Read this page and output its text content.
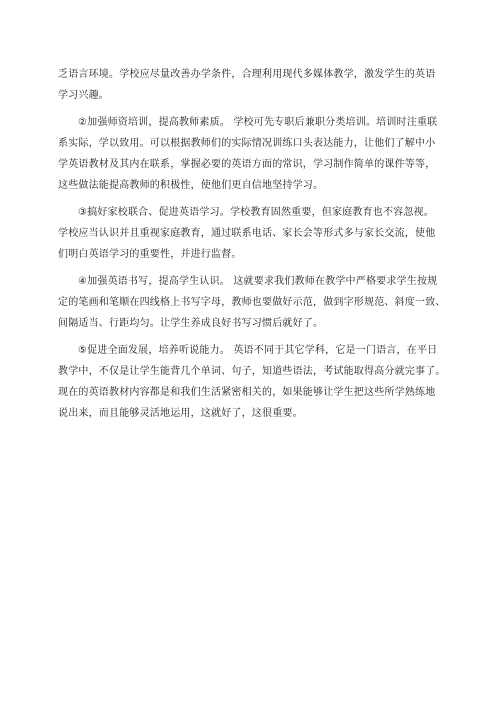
乏语言环境。学校应尽量改善办学条件，合理利用现代多媒体教学，激发学生的英语
学习兴趣。

②加强师资培训，提高教师素质。 学校可先专职后兼职分类培训。培训时注重联
系实际，学以致用。可以根据教师们的实际情况训练口头表达能力，让他们了解中小
学英语教材及其内在联系，掌握必要的英语方面的常识，学习制作简单的课件等等，
这些做法能提高教师的积极性，使他们更自信地坚持学习。

③搞好家校联合、促进英语学习。学校教育固然重要，但家庭教育也不容忽视。
学校应当认识并且重视家庭教育，通过联系电话、家长会等形式多与家长交流，使他
们明白英语学习的重要性，并进行监督。

④加强英语书写，提高学生认识。 这就要求我们教师在教学中严格要求学生按规
定的笔画和笔顺在四线格上书写字母，教师也要做好示范，做到字形规范、斜度一致、
间隔适当、行距均匀。让学生养成良好书写习惯后就好了。

⑤促进全面发展，培养听说能力。 英语不同于其它学科，它是一门语言，在平日
教学中，不仅是让学生能背几个单词、句子，知道些语法，考试能取得高分就完事了。
现在的英语教材内容都是和我们生活紧密相关的，如果能够让学生把这些所学熟练地
说出来，而且能够灵活地运用，这就好了，这很重要。
